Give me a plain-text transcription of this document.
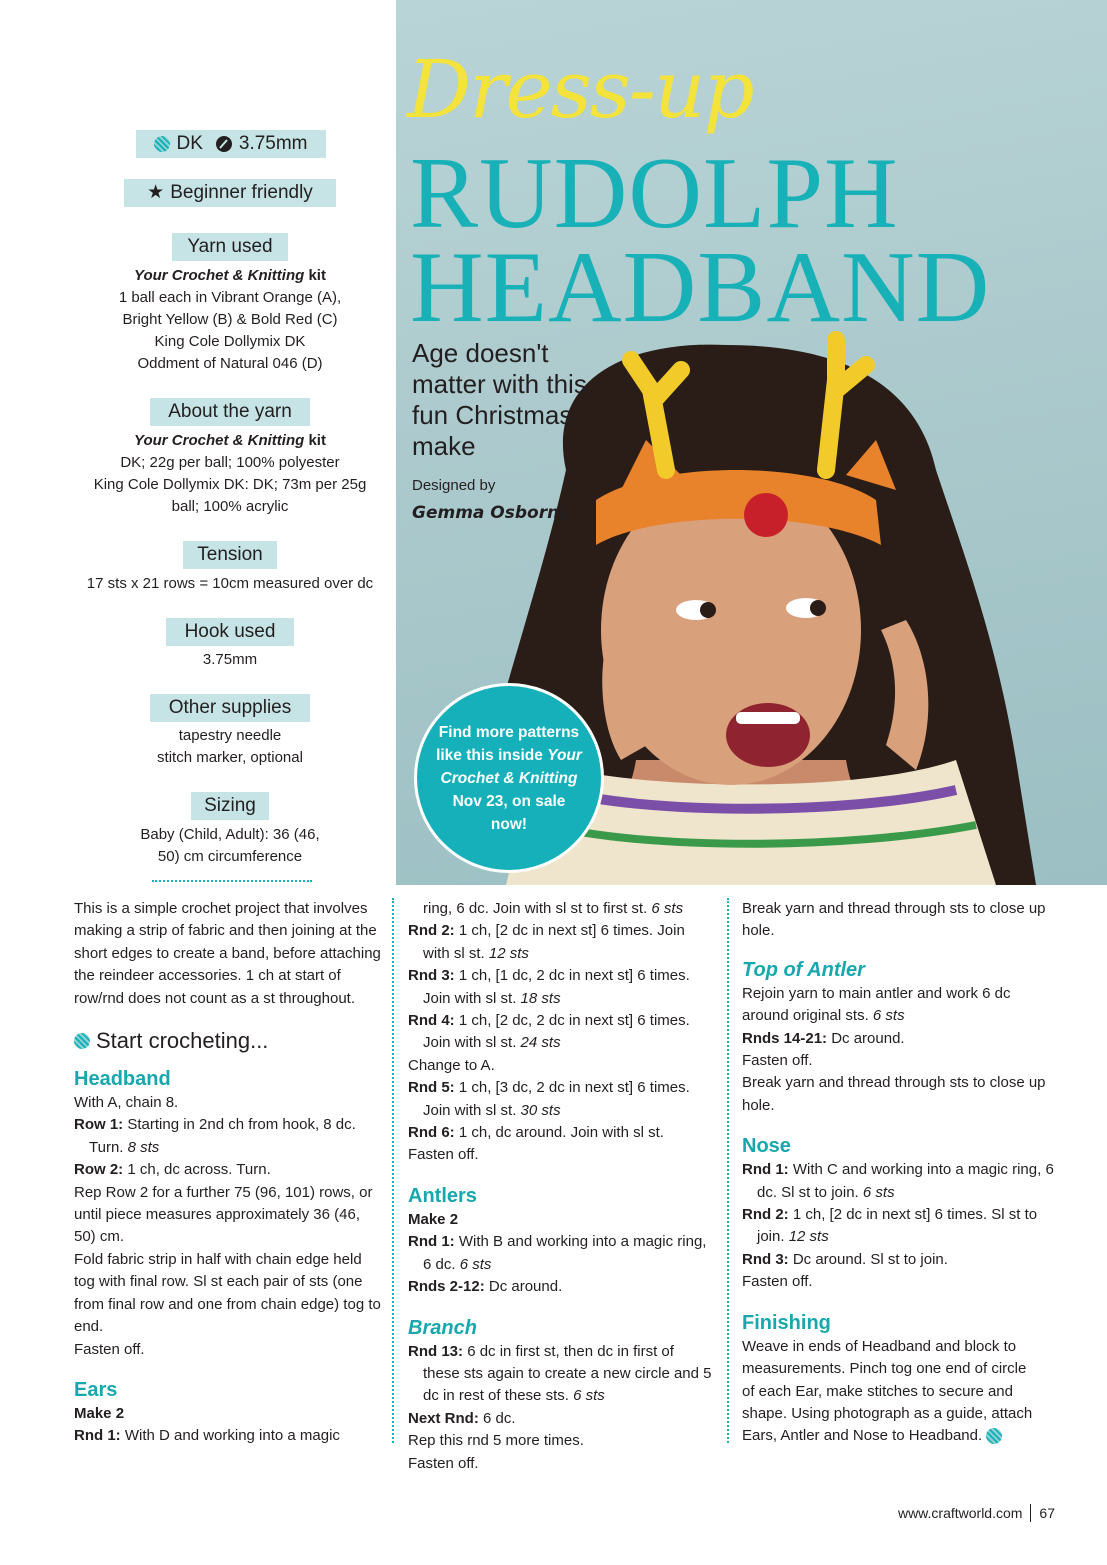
Dress-up
RUDOLPH
HEADBAND
Age doesn't matter with this fun Christmas make
Designed by
Gemma Osborne

Find more patterns like this inside Your Crochet & Knitting Nov 23, on sale now!

DK 3.75mm
★ Beginner friendly
Yarn used
Your Crochet & Knitting kit
1 ball each in Vibrant Orange (A), Bright Yellow (B) & Bold Red (C)
King Cole Dollymix DK
Oddment of Natural 046 (D)
About the yarn
Your Crochet & Knitting kit
DK; 22g per ball; 100% polyester
King Cole Dollymix DK: DK; 73m per 25g ball; 100% acrylic
Tension
17 sts x 21 rows = 10cm measured over dc
Hook used
3.75mm
Other supplies
tapestry needle
stitch marker, optional
Sizing
Baby (Child, Adult): 36 (46, 50) cm circumference

This is a simple crochet project that involves making a strip of fabric and then joining at the short edges to create a band, before attaching the reindeer accessories. 1 ch at start of row/rnd does not count as a st throughout.

Start crocheting...
Headband

With A, chain 8.

Row 1: Starting in 2nd ch from hook, 8 dc. Turn. 8 sts

Row 2: 1 ch, dc across. Turn.

Rep Row 2 for a further 75 (96, 101) rows, or until piece measures approximately 36 (46, 50) cm.

Fold fabric strip in half with chain edge held tog with final row. Sl st each pair of sts (one from final row and one from chain edge) tog to end.

Fasten off.

Ears

Make 2

Rnd 1: With D and working into a magic

ring, 6 dc. Join with sl st to first st. 6 sts

Rnd 2: 1 ch, [2 dc in next st] 6 times. Join with sl st. 12 sts

Rnd 3: 1 ch, [1 dc, 2 dc in next st] 6 times. Join with sl st. 18 sts

Rnd 4: 1 ch, [2 dc, 2 dc in next st] 6 times. Join with sl st. 24 sts

Change to A.

Rnd 5: 1 ch, [3 dc, 2 dc in next st] 6 times. Join with sl st. 30 sts

Rnd 6: 1 ch, dc around. Join with sl st.

Fasten off.

Antlers

Make 2

Rnd 1: With B and working into a magic ring, 6 dc. 6 sts

Rnds 2-12: Dc around.

Branch

Rnd 13: 6 dc in first st, then dc in first of these sts again to create a new circle and 5 dc in rest of these sts. 6 sts

Next Rnd: 6 dc.

Rep this rnd 5 more times.

Fasten off.

Break yarn and thread through sts to close up hole.

Top of Antler

Rejoin yarn to main antler and work 6 dc around original sts. 6 sts

Rnds 14-21: Dc around.

Fasten off.

Break yarn and thread through sts to close up hole.

Nose

Rnd 1: With C and working into a magic ring, 6 dc. Sl st to join. 6 sts

Rnd 2: 1 ch, [2 dc in next st] 6 times. Sl st to join. 12 sts

Rnd 3: Dc around. Sl st to join.

Fasten off.

Finishing

Weave in ends of Headband and block to measurements. Pinch tog one end of circle of each Ear, make stitches to secure and shape. Using photograph as a guide, attach Ears, Antler and Nose to Headband.

www.craftworld.com 67
